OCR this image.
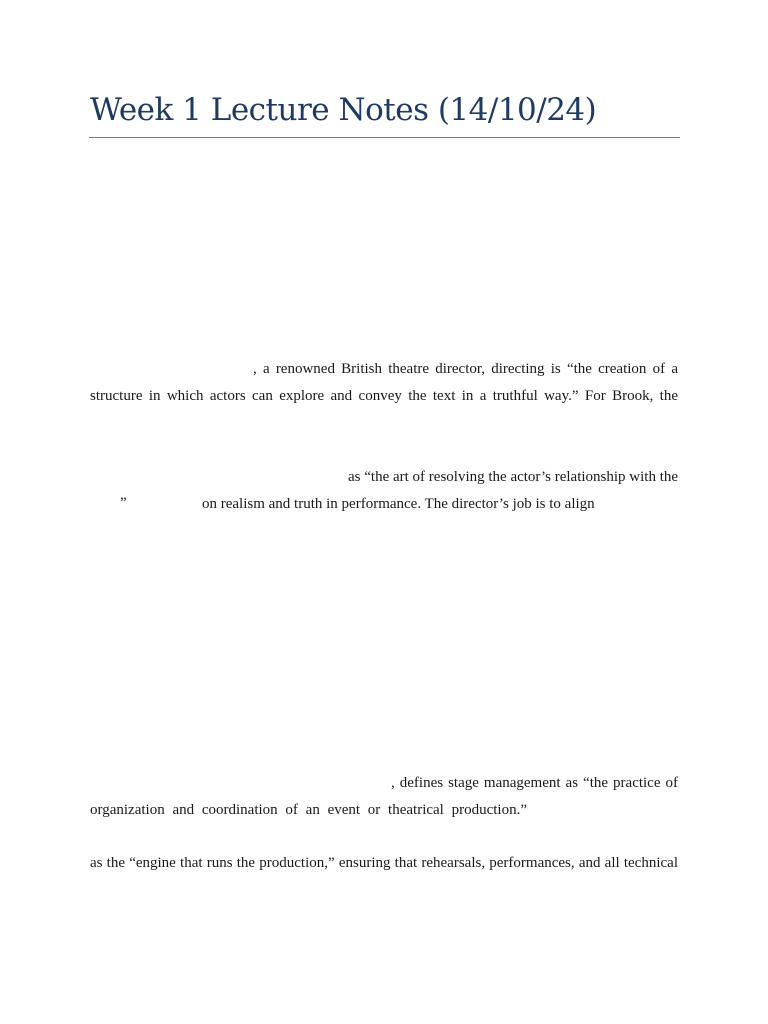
Week 1 Lecture Notes (14/10/24)
, a renowned British theatre director, directing is “the creation of a
structure in which actors can explore and convey the text in a truthful way.” For Brook, the
as “the art of resolving the actor’s relationship with the
”	on realism and truth in performance. The director’s job is to align
, defines stage management as “the practice of
organization and coordination of an event or theatrical production.”
as the “engine that runs the production,” ensuring that rehearsals, performances, and all technical
